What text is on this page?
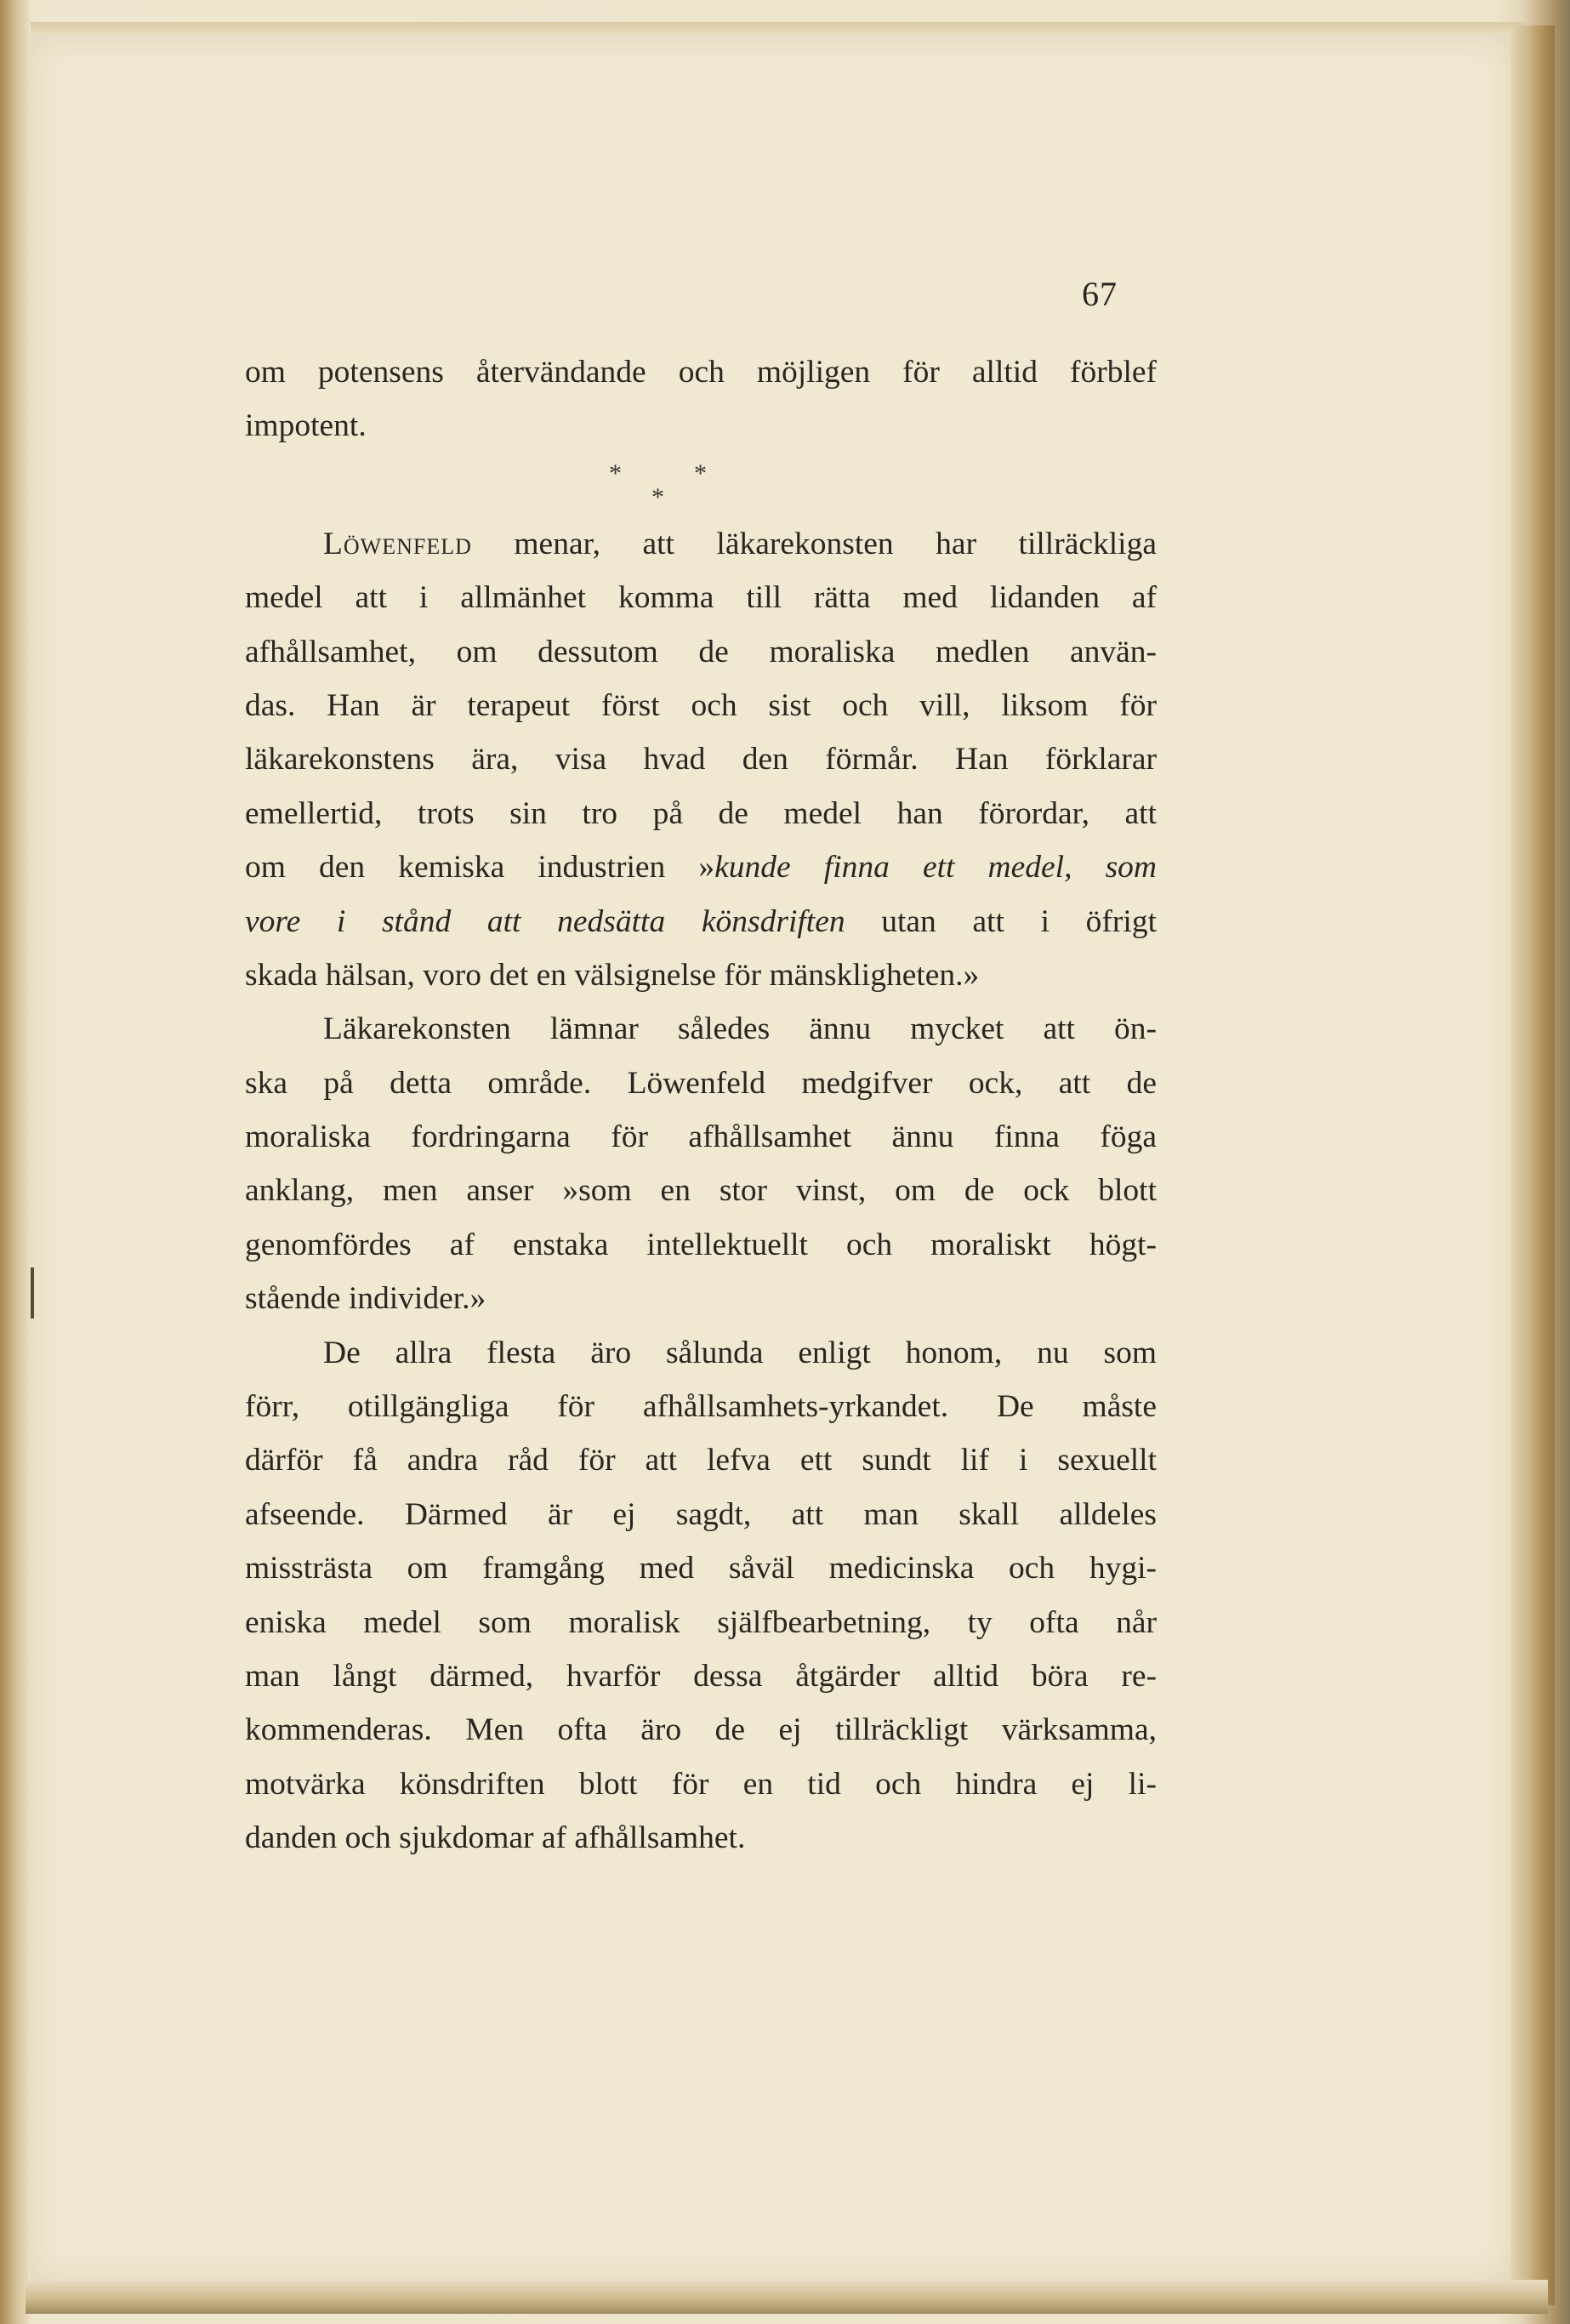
67
om potensens återvändande och möjligen för alltid förblef
impotent.
*	*
*
Löwenfeld menar, att läkarekonsten har tillräckliga
medel att i allmänhet komma till rätta med lidanden af
afhållsamhet, om dessutom de moraliska medlen använ-
das. Han är terapeut först och sist och vill, liksom för
läkarekonstens ära, visa hvad den förmår. Han förklarar
emellertid, trots sin tro på de medel han förordar, att
om den kemiska industrien »kunde finna ett medel, som
vore i stånd att nedsätta könsdriften utan att i öfrigt
skada hälsan, voro det en välsignelse för mänskligheten.»
Läkarekonsten lämnar således ännu mycket att ön-
ska på detta område. Löwenfeld medgifver ock, att de
moraliska fordringarna för afhållsamhet ännu finna föga
anklang, men anser »som en stor vinst, om de ock blott
genomfördes af enstaka intellektuellt och moraliskt högt-
stående individer.»
De allra flesta äro sålunda enligt honom, nu som
förr, otillgängliga för afhållsamhets-yrkandet. De måste
därför få andra råd för att lefva ett sundt lif i sexuellt
afseende. Därmed är ej sagdt, att man skall alldeles
missträsta om framgång med såväl medicinska och hygi-
eniska medel som moralisk själfbearbetning, ty ofta når
man långt därmed, hvarför dessa åtgärder alltid böra re-
kommenderas. Men ofta äro de ej tillräckligt värksamma,
motvärka könsdriften blott för en tid och hindra ej li-
danden och sjukdomar af afhållsamhet.
